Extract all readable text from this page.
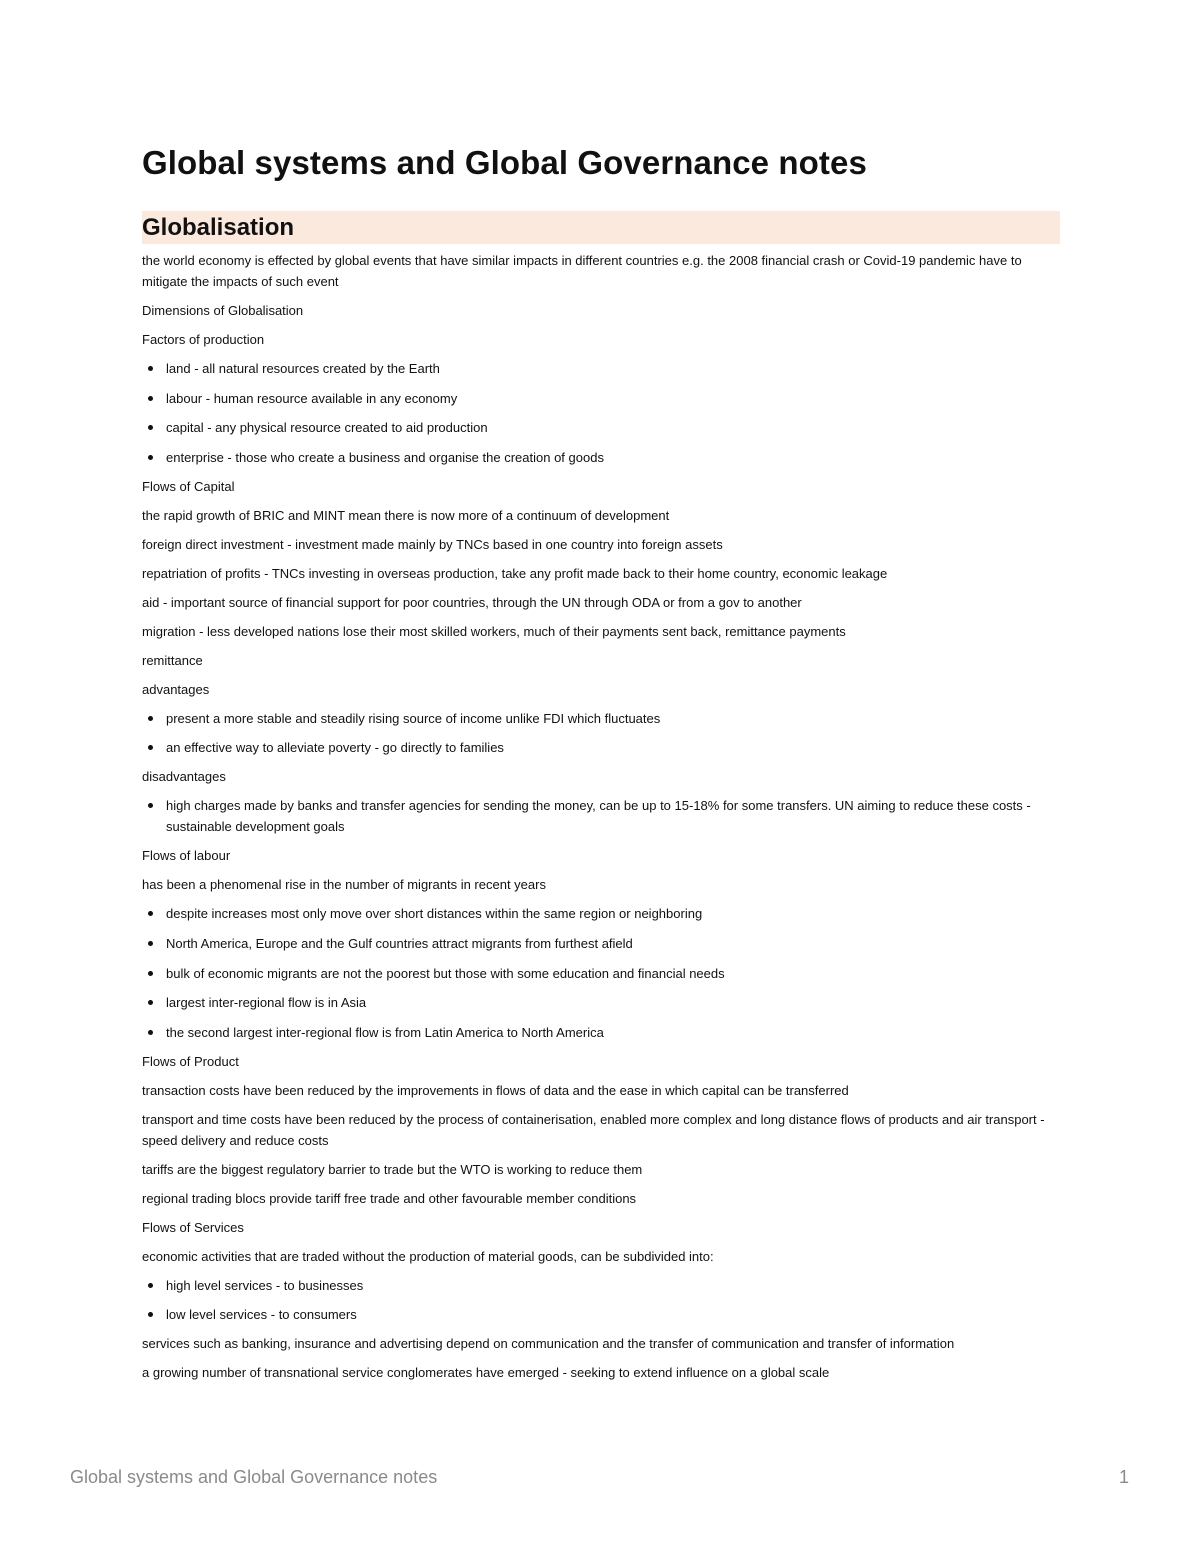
Global systems and Global Governance notes
Globalisation

the world economy is effected by global events that have similar impacts in different countries e.g. the 2008 financial crash or Covid-19 pandemic have to mitigate the impacts of such event

Dimensions of Globalisation

Factors of production

land - all natural resources created by the Earth
labour - human resource available in any economy
capital - any physical resource created to aid production
enterprise - those who create a business and organise the creation of goods

Flows of Capital

the rapid growth of BRIC and MINT mean there is now more of a continuum of development

foreign direct investment - investment made mainly by TNCs based in one country into foreign assets

repatriation of profits - TNCs investing in overseas production, take any profit made back to their home country, economic leakage

aid - important source of financial support for poor countries, through the UN through ODA or from a gov to another

migration - less developed nations lose their most skilled workers, much of their payments sent back, remittance payments

remittance

advantages

present a more stable and steadily rising source of income unlike FDI which fluctuates
an effective way to alleviate poverty - go directly to families

disadvantages

high charges made by banks and transfer agencies for sending the money, can be up to 15-18% for some transfers. UN aiming to reduce these costs - sustainable development goals

Flows of labour

has been a phenomenal rise in the number of migrants in recent years

despite increases most only move over short distances within the same region or neighboring
North America, Europe and the Gulf countries attract migrants from furthest afield
bulk of economic migrants are not the poorest but those with some education and financial needs
largest inter-regional flow is in Asia
the second largest inter-regional flow is from Latin America to North America

Flows of Product

transaction costs have been reduced by the improvements in flows of data and the ease in which capital can be transferred

transport and time costs have been reduced by the process of containerisation, enabled more complex and long distance flows of products and air transport - speed delivery and reduce costs

tariffs are the biggest regulatory barrier to trade but the WTO is working to reduce them

regional trading blocs provide tariff free trade and other favourable member conditions

Flows of Services

economic activities that are traded without the production of material goods, can be subdivided into:

high level services - to businesses
low level services - to consumers

services such as banking, insurance and advertising depend on communication and the transfer of communication and transfer of information

a growing number of transnational service conglomerates have emerged - seeking to extend influence on a global scale

Global systems and Global Governance notes	1
